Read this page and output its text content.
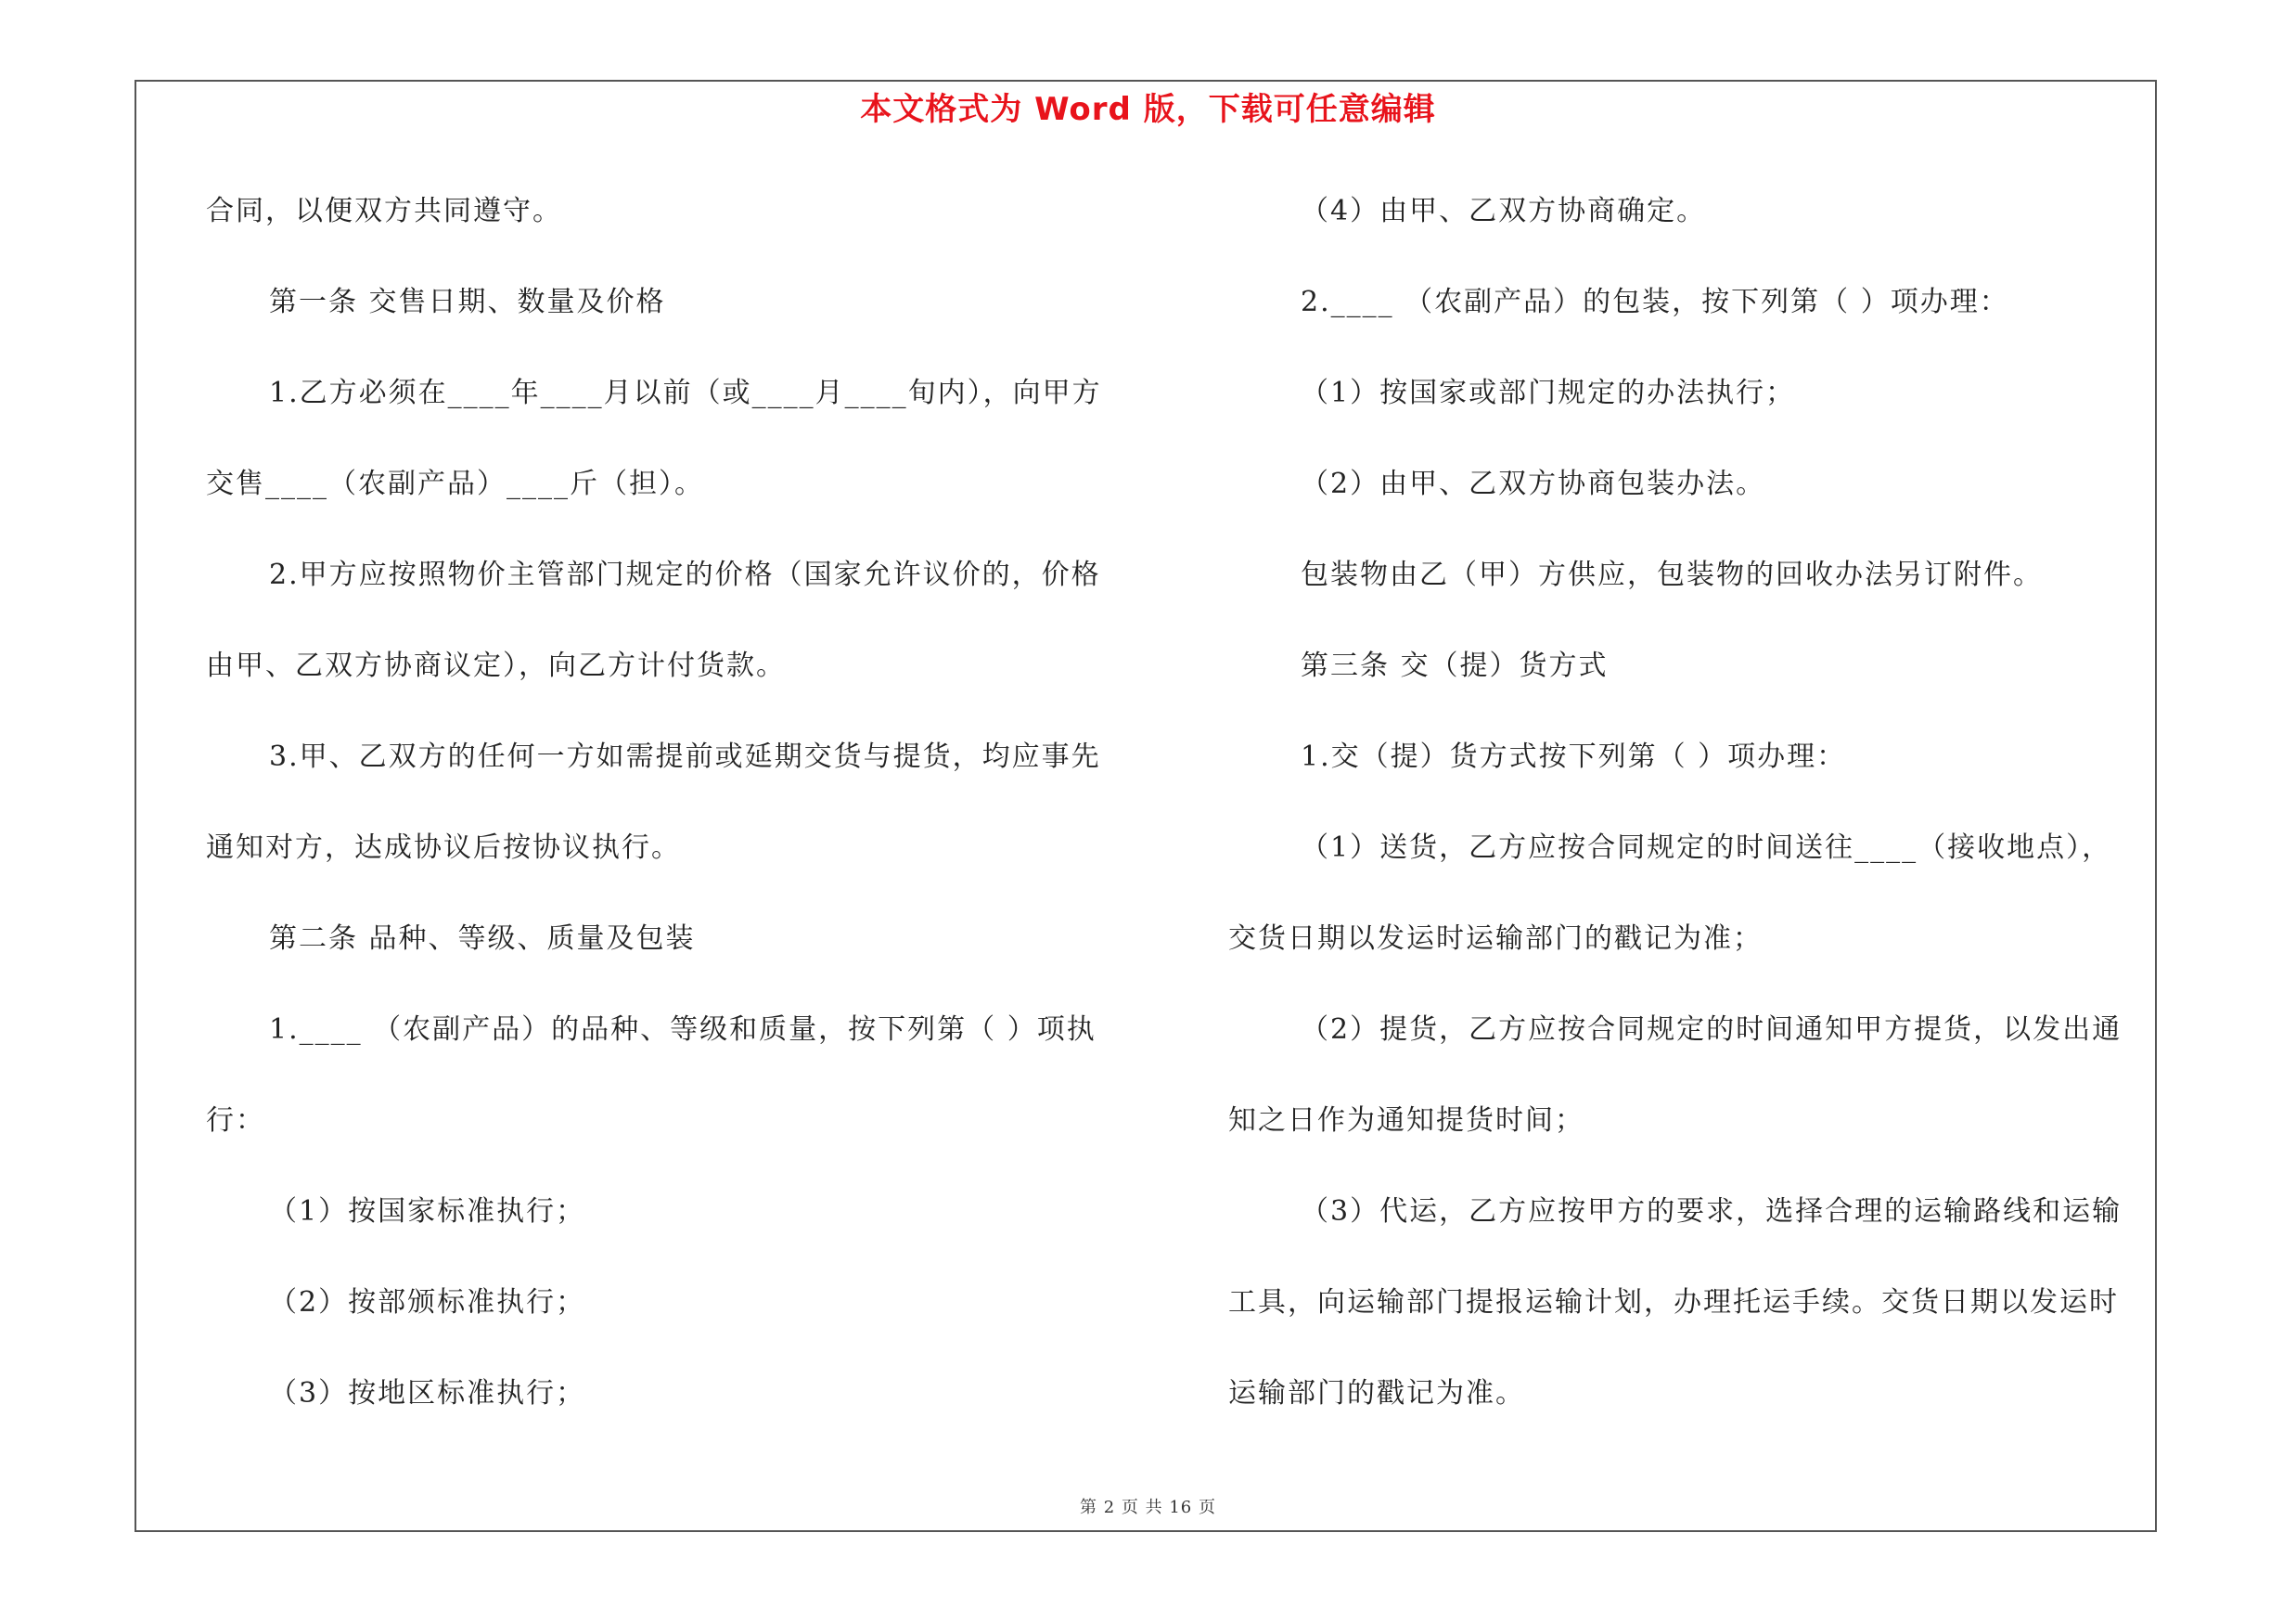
本文格式为 Word 版，下载可任意编辑
合同，以便双方共同遵守。
第一条 交售日期、数量及价格
1.乙方必须在____年____月以前（或____月____旬内），向甲方
交售____（农副产品）____斤（担）。
2.甲方应按照物价主管部门规定的价格（国家允许议价的，价格
由甲、乙双方协商议定），向乙方计付货款。
3.甲、乙双方的任何一方如需提前或延期交货与提货，均应事先
通知对方，达成协议后按协议执行。
第二条 品种、等级、质量及包装
1.____ （农副产品）的品种、等级和质量，按下列第（ ）项执
行：
（1）按国家标准执行；
（2）按部颁标准执行；
（3）按地区标准执行；
（4）由甲、乙双方协商确定。
2.____ （农副产品）的包装，按下列第（ ）项办理：
（1）按国家或部门规定的办法执行；
（2）由甲、乙双方协商包装办法。
包装物由乙（甲）方供应，包装物的回收办法另订附件。
第三条 交（提）货方式
1.交（提）货方式按下列第（ ）项办理：
（1）送货，乙方应按合同规定的时间送往____（接收地点），
交货日期以发运时运输部门的戳记为准；
（2）提货，乙方应按合同规定的时间通知甲方提货，以发出通
知之日作为通知提货时间；
（3）代运，乙方应按甲方的要求，选择合理的运输路线和运输
工具，向运输部门提报运输计划，办理托运手续。交货日期以发运时
运输部门的戳记为准。
第 2 页 共 16 页
